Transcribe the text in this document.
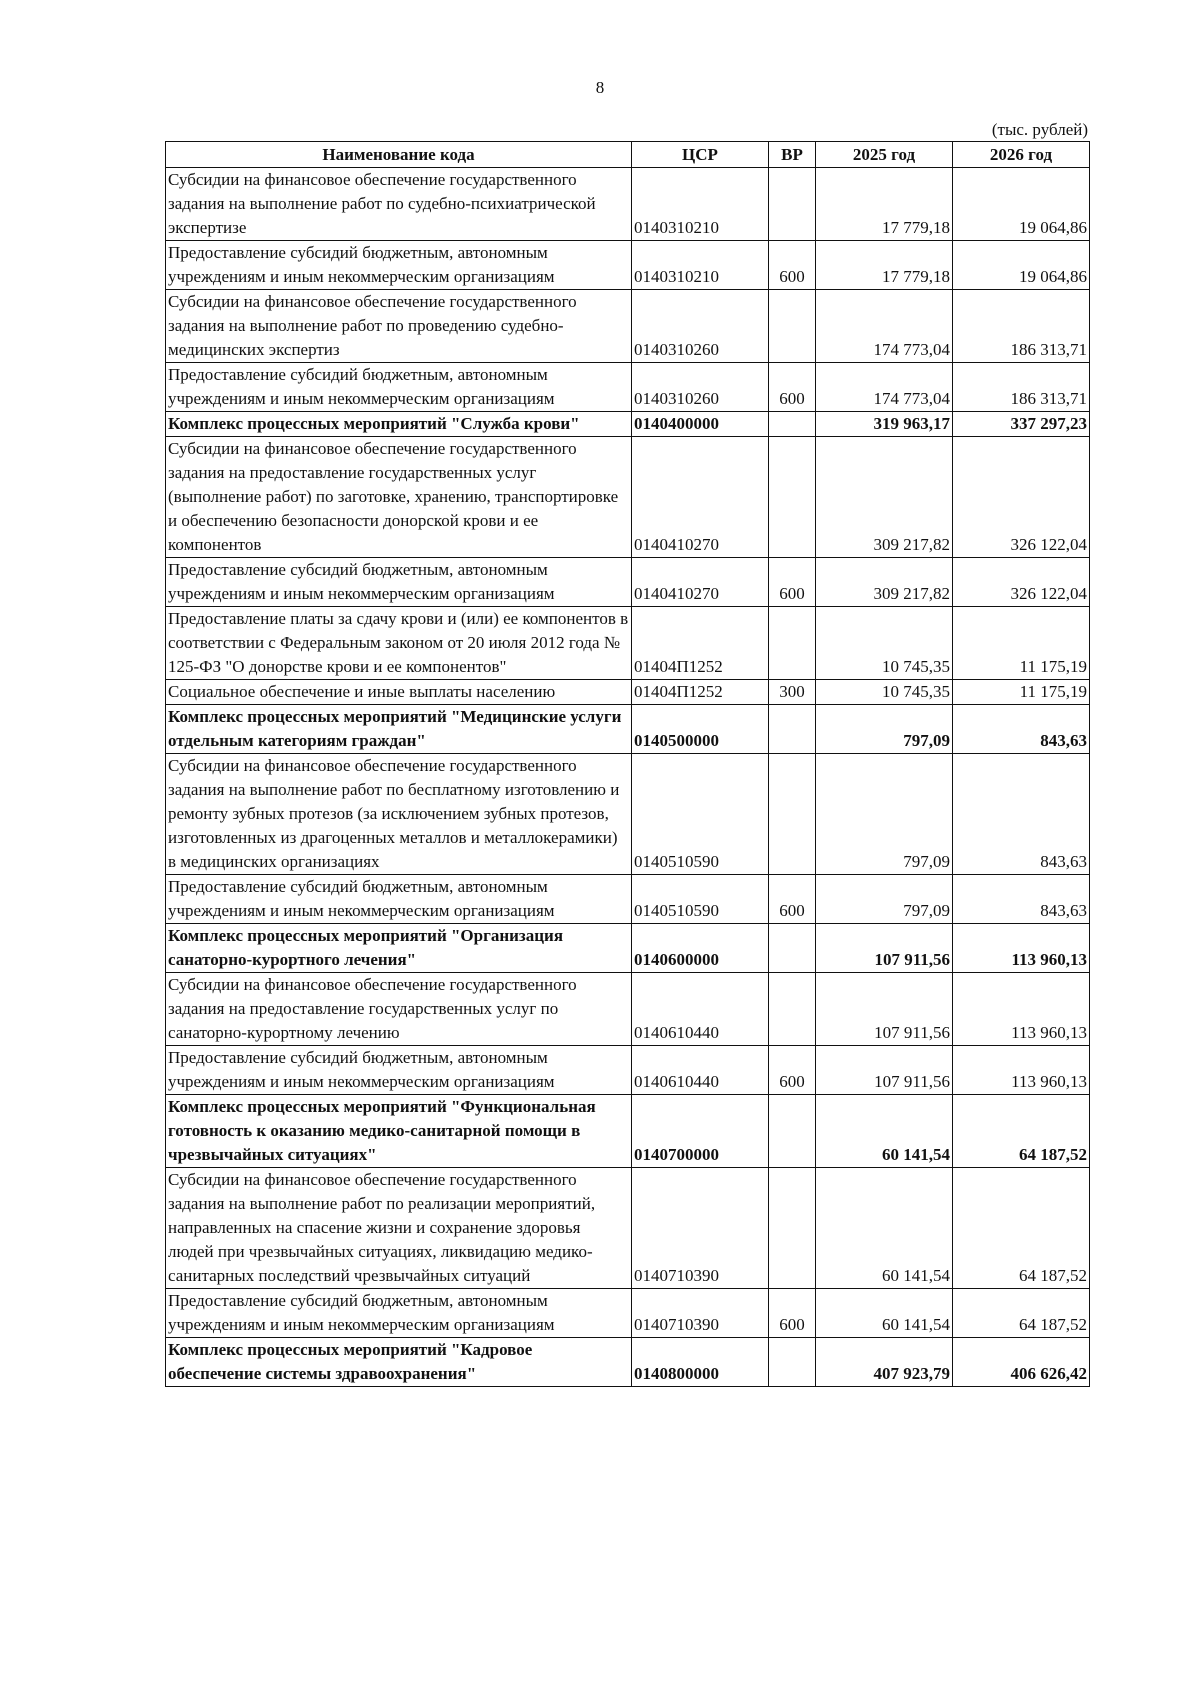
8
(тыс. рублей)
Наименование кода	ЦСР	ВР	2025 год	2026 год
Субсидии на финансовое обеспечение государственного задания на выполнение работ по судебно-психиатрической экспертизе	0140310210		17 779,18	19 064,86
Предоставление субсидий бюджетным, автономным учреждениям и иным некоммерческим организациям	0140310210	600	17 779,18	19 064,86
Субсидии на финансовое обеспечение государственного задания на выполнение работ по проведению судебно-медицинских экспертиз	0140310260		174 773,04	186 313,71
Предоставление субсидий бюджетным, автономным учреждениям и иным некоммерческим организациям	0140310260	600	174 773,04	186 313,71
Комплекс процессных мероприятий "Служба крови"	0140400000		319 963,17	337 297,23
Субсидии на финансовое обеспечение государственного задания на предоставление государственных услуг (выполнение работ) по заготовке, хранению, транспортировке и обеспечению безопасности донорской крови и ее компонентов	0140410270		309 217,82	326 122,04
Предоставление субсидий бюджетным, автономным учреждениям и иным некоммерческим организациям	0140410270	600	309 217,82	326 122,04
Предоставление платы за сдачу крови и (или) ее компонентов в соответствии с Федеральным законом от 20 июля 2012 года № 125-ФЗ "О донорстве крови и ее компонентов"	01404П1252		10 745,35	11 175,19
Социальное обеспечение и иные выплаты населению	01404П1252	300	10 745,35	11 175,19
Комплекс процессных мероприятий "Медицинские услуги отдельным категориям граждан"	0140500000		797,09	843,63
Субсидии на финансовое обеспечение государственного задания на выполнение работ по бесплатному изготовлению и ремонту зубных протезов (за исключением зубных протезов, изготовленных из драгоценных металлов и металлокерамики) в медицинских организациях	0140510590		797,09	843,63
Предоставление субсидий бюджетным, автономным учреждениям и иным некоммерческим организациям	0140510590	600	797,09	843,63
Комплекс процессных мероприятий "Организация санаторно-курортного лечения"	0140600000		107 911,56	113 960,13
Субсидии на финансовое обеспечение государственного задания на предоставление государственных услуг по санаторно-курортному лечению	0140610440		107 911,56	113 960,13
Предоставление субсидий бюджетным, автономным учреждениям и иным некоммерческим организациям	0140610440	600	107 911,56	113 960,13
Комплекс процессных мероприятий "Функциональная готовность к оказанию медико-санитарной помощи в чрезвычайных ситуациях"	0140700000		60 141,54	64 187,52
Субсидии на финансовое обеспечение государственного задания на выполнение работ по реализации мероприятий, направленных на спасение жизни и сохранение здоровья людей при чрезвычайных ситуациях, ликвидацию медико-санитарных последствий чрезвычайных ситуаций	0140710390		60 141,54	64 187,52
Предоставление субсидий бюджетным, автономным учреждениям и иным некоммерческим организациям	0140710390	600	60 141,54	64 187,52
Комплекс процессных мероприятий "Кадровое обеспечение системы здравоохранения"	0140800000		407 923,79	406 626,42
